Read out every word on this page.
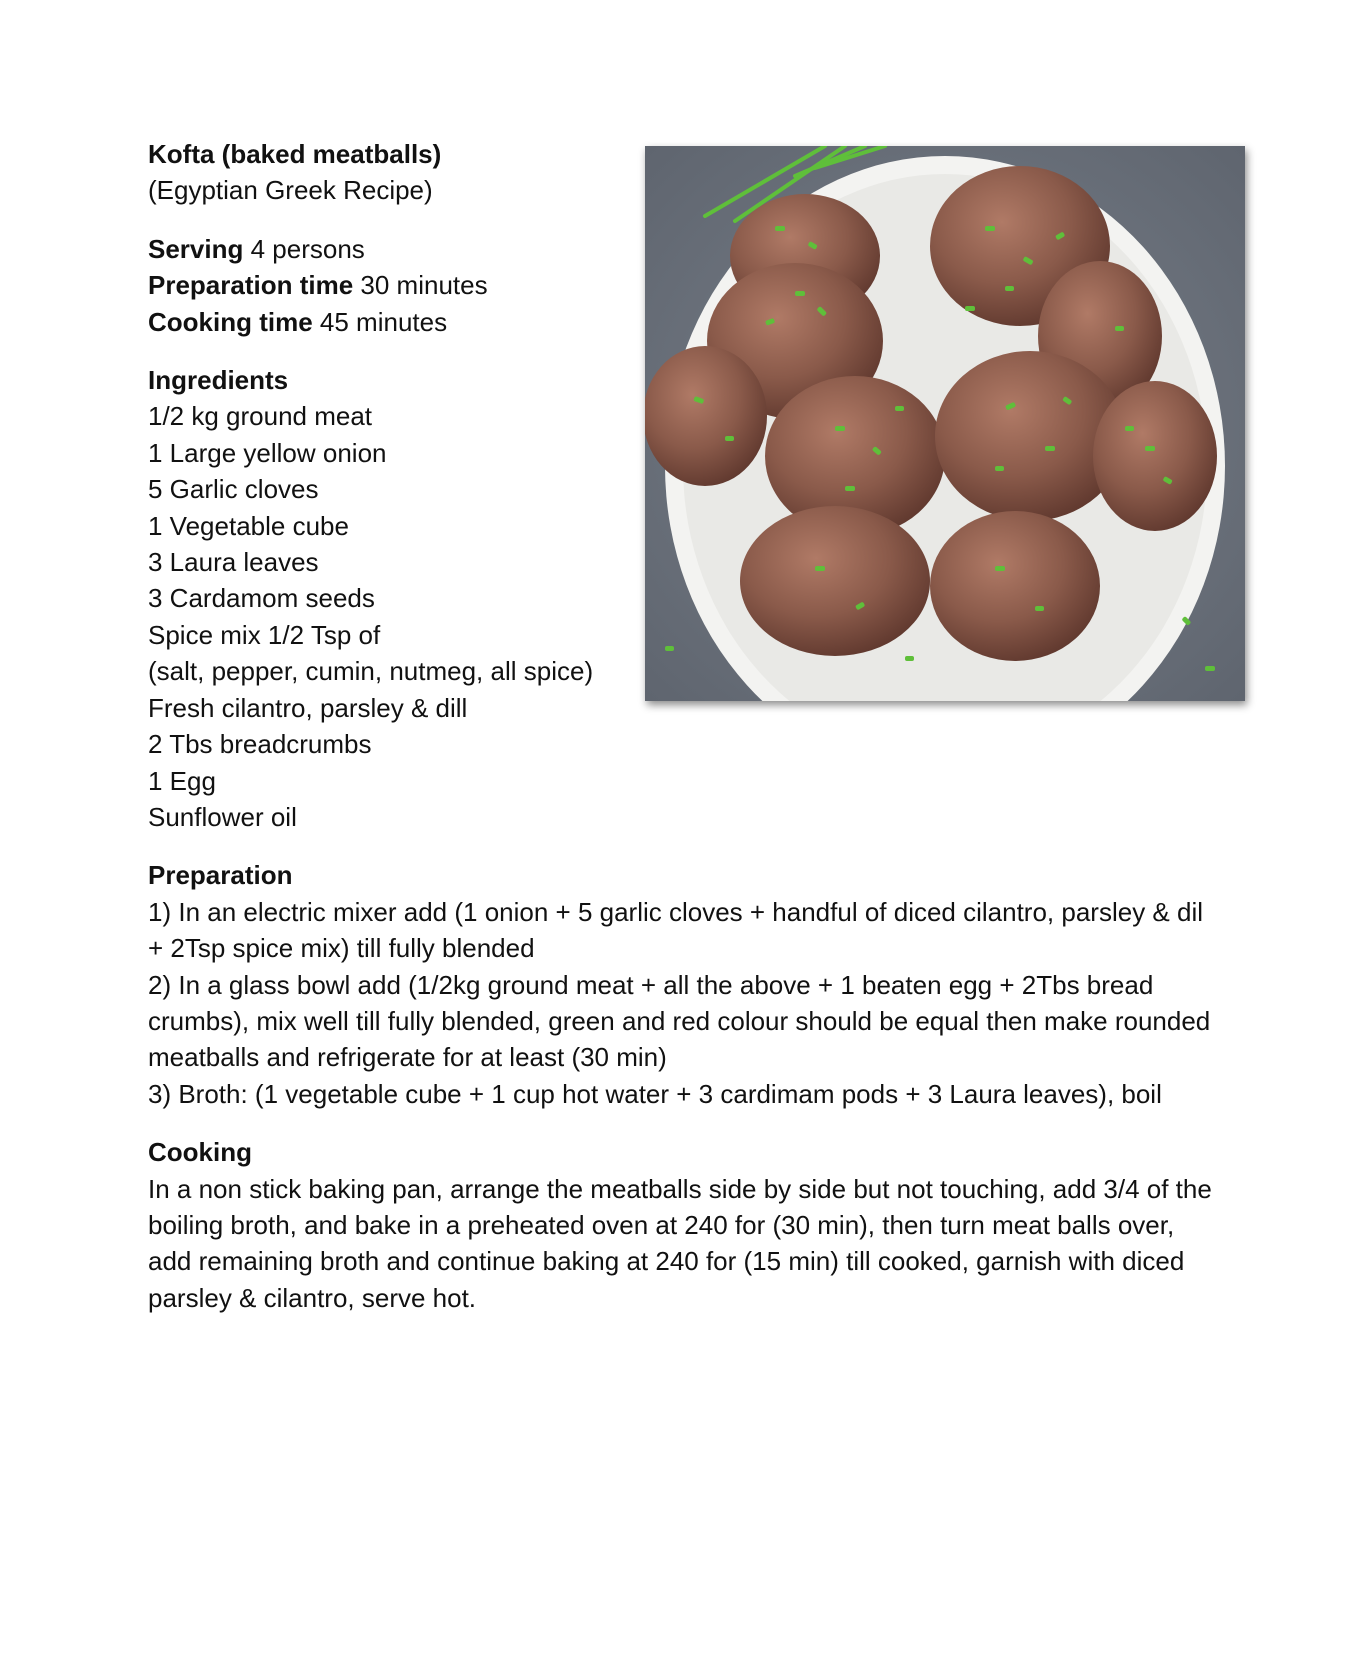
Kofta (baked meatballs)
(Egyptian Greek Recipe)
Serving 4 persons
Preparation time 30 minutes
Cooking time 45 minutes
Ingredients
1/2 kg ground meat
1 Large yellow onion
5 Garlic cloves
1 Vegetable cube
3 Laura leaves
3 Cardamom seeds
Spice mix 1/2 Tsp of
(salt, pepper, cumin, nutmeg, all spice)
Fresh cilantro, parsley & dill
2 Tbs breadcrumbs
1 Egg
Sunflower oil
Preparation
1) In an electric mixer add (1 onion + 5 garlic cloves + handful of diced cilantro, parsley & dil + 2Tsp spice mix) till fully blended
2) In a glass bowl add (1/2kg ground meat + all the above + 1 beaten egg + 2Tbs bread crumbs), mix well till fully blended, green and red colour should be equal then make rounded meatballs and refrigerate for at least (30 min)
3) Broth: (1 vegetable cube + 1 cup hot water + 3 cardimam pods + 3 Laura leaves), boil
Cooking
In a non stick baking pan, arrange the meatballs side by side but not touching, add 3/4 of the boiling broth, and bake in a preheated oven at 240 for (30 min), then turn meat balls over, add remaining broth and continue baking at 240 for (15 min) till cooked, garnish with diced parsley & cilantro, serve hot.
